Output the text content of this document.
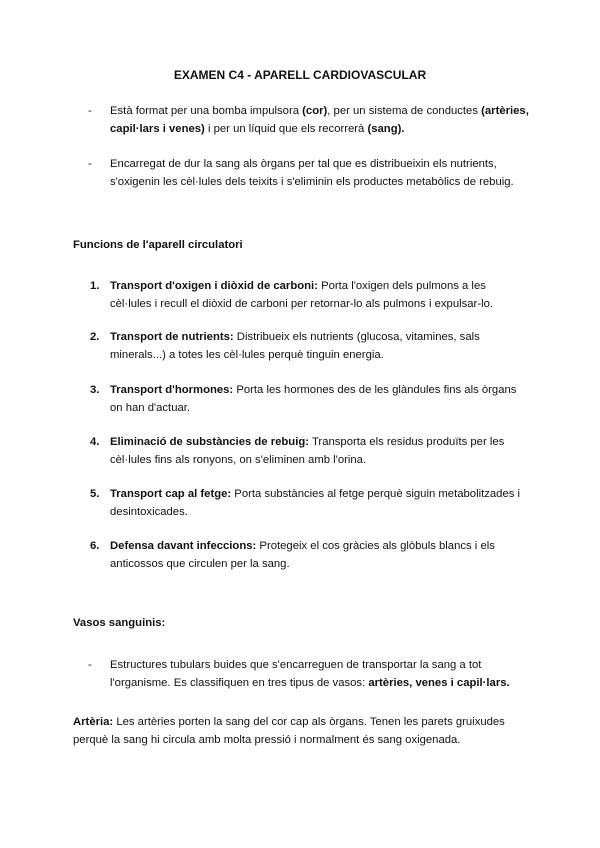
EXAMEN C4 - APARELL CARDIOVASCULAR
- Està format per una bomba impulsora (cor), per un sistema de conductes (artèries, capil·lars i venes) i per un líquid que els recorrerà (sang).
- Encarregat de dur la sang als òrgans per tal que es distribueixin els nutrients, s'oxigenin les cèl·lules dels teixits i s'eliminin els productes metabòlics de rebuig.
Funcions de l'aparell circulatori
1. Transport d'oxigen i diòxid de carboni: Porta l'oxigen dels pulmons a les cèl·lules i recull el diòxid de carboni per retornar-lo als pulmons i expulsar-lo.
2. Transport de nutrients: Distribueix els nutrients (glucosa, vitamines, sals minerals...) a totes les cèl·lules perquè tinguin energia.
3. Transport d'hormones: Porta les hormones des de les glàndules fins als òrgans on han d'actuar.
4. Eliminació de substàncies de rebuig: Transporta els residus produïts per les cèl·lules fins als ronyons, on s'eliminen amb l'orina.
5. Transport cap al fetge: Porta substàncies al fetge perquè siguin metabolitzades i desintoxicades.
6. Defensa davant infeccions: Protegeix el cos gràcies als glòbuls blancs i els anticossos que circulen per la sang.
Vasos sanguinis:
- Estructures tubulars buides que s'encarreguen de transportar la sang a tot l'organisme. Es classifiquen en tres tipus de vasos: artèries, venes i capil·lars.
Artèria: Les artèries porten la sang del cor cap als òrgans. Tenen les parets gruixudes perquè la sang hi circula amb molta pressió i normalment és sang oxigenada.
